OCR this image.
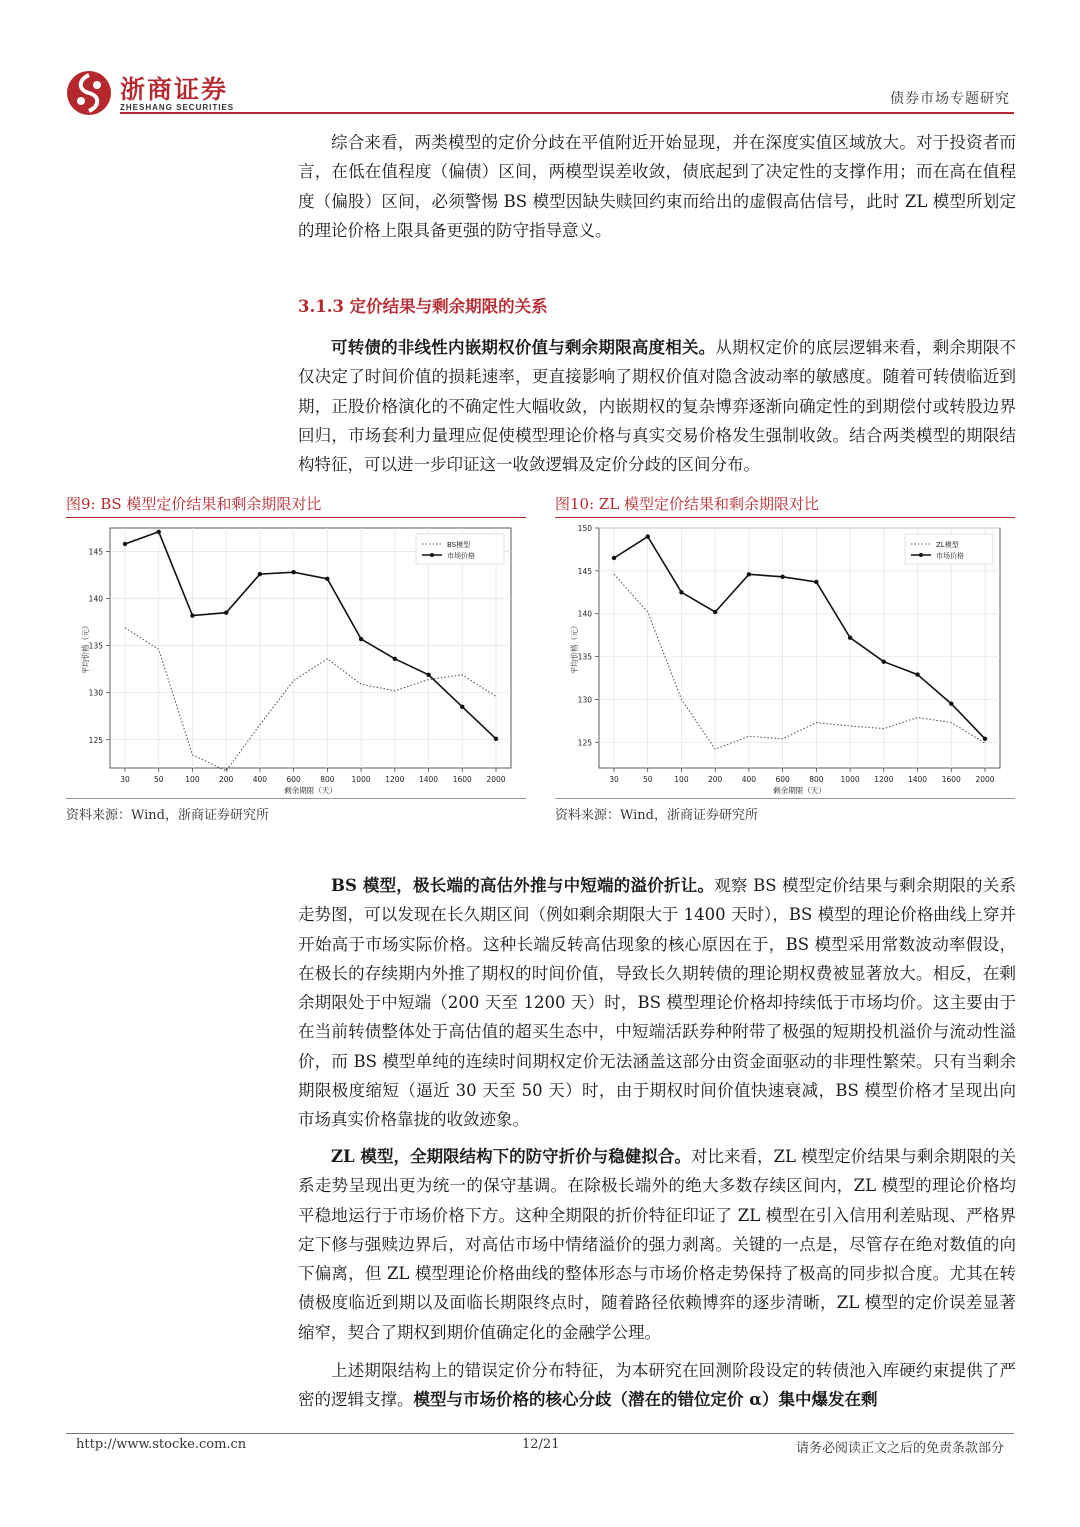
浙商证券
ZHESHANG SECURITIES
债券市场专题研究

综合来看，两类模型的定价分歧在平值附近开始显现，并在深度实值区域放大。对于投资者而言，在低在值程度（偏债）区间，两模型误差收敛，债底起到了决定性的支撑作用；而在高在值程度（偏股）区间，必须警惕 BS 模型因缺失赎回约束而给出的虚假高估信号，此时 ZL 模型所划定的理论价格上限具备更强的防守指导意义。

3.1.3 定价结果与剩余期限的关系

可转债的非线性内嵌期权价值与剩余期限高度相关。从期权定价的底层逻辑来看，剩余期限不仅决定了时间价值的损耗速率，更直接影响了期权价值对隐含波动率的敏感度。随着可转债临近到期，正股价格演化的不确定性大幅收敛，内嵌期权的复杂博弈逐渐向确定性的到期偿付或转股边界回归，市场套利力量理应促使模型理论价格与真实交易价格发生强制收敛。结合两类模型的期限结构特征，可以进一步印证这一收敛逻辑及定价分歧的区间分布。

图9: BS 模型定价结果和剩余期限对比
30	50	100	200	400	600	800 1000 1200 1400 1600 2000
125
130
135
140
145
剩余期限（天）
平均价格（元）
BS模型
市场价格
资料来源：Wind，浙商证券研究所
图10: ZL 模型定价结果和剩余期限对比
30	50	100	200	400	600	800 1000 1200 1400 1600 2000
125
130
135
140
145
150
剩余期限（天）
平均价格（元）
ZL模型
市场价格
资料来源：Wind，浙商证券研究所

BS 模型，极长端的高估外推与中短端的溢价折让。观察 BS 模型定价结果与剩余期限的关系走势图，可以发现在长久期区间（例如剩余期限大于 1400 天时），BS 模型的理论价格曲线上穿并开始高于市场实际价格。这种长端反转高估现象的核心原因在于，BS 模型采用常数波动率假设，在极长的存续期内外推了期权的时间价值，导致长久期转债的理论期权费被显著放大。相反，在剩余期限处于中短端（200 天至 1200 天）时，BS 模型理论价格却持续低于市场均价。这主要由于在当前转债整体处于高估值的超买生态中，中短端活跃券种附带了极强的短期投机溢价与流动性溢价，而 BS 模型单纯的连续时间期权定价无法涵盖这部分由资金面驱动的非理性繁荣。只有当剩余期限极度缩短（逼近 30 天至 50 天）时，由于期权时间价值快速衰减，BS 模型价格才呈现出向市场真实价格靠拢的收敛迹象。

ZL 模型，全期限结构下的防守折价与稳健拟合。对比来看，ZL 模型定价结果与剩余期限的关系走势呈现出更为统一的保守基调。在除极长端外的绝大多数存续区间内，ZL 模型的理论价格均平稳地运行于市场价格下方。这种全期限的折价特征印证了 ZL 模型在引入信用利差贴现、严格界定下修与强赎边界后，对高估市场中情绪溢价的强力剥离。关键的一点是，尽管存在绝对数值的向下偏离，但 ZL 模型理论价格曲线的整体形态与市场价格走势保持了极高的同步拟合度。尤其在转债极度临近到期以及面临长期限终点时，随着路径依赖博弈的逐步清晰，ZL 模型的定价误差显著缩窄，契合了期权到期价值确定化的金融学公理。

上述期限结构上的错误定价分布特征，为本研究在回测阶段设定的转债池入库硬约束提供了严密的逻辑支撑。模型与市场价格的核心分歧（潜在的错位定价 α）集中爆发在剩

http://www.stocke.com.cn	12/21	请务必阅读正文之后的免责条款部分
